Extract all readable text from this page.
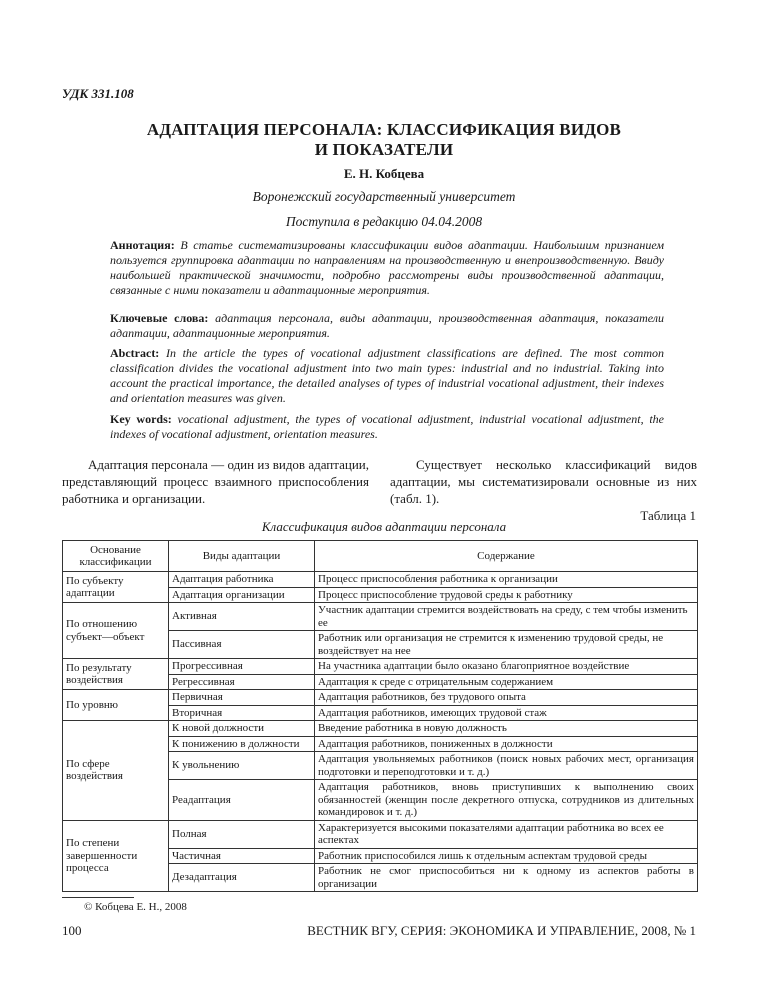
УДК 331.108
АДАПТАЦИЯ ПЕРСОНАЛА: КЛАССИФИКАЦИЯ ВИДОВ
И ПОКАЗАТЕЛИ
Е. Н. Кобцева
Воронежский государственный университет
Поступила в редакцию 04.04.2008
Аннотация: В статье систематизированы классификации видов адаптации. Наибольшим признанием пользуется группировка адаптации по направлениям на производственную и внепроизводственную. Ввиду наибольшей практической значимости, подробно рассмотрены виды производственной адаптации, связанные с ними показатели и адаптационные мероприятия.
Ключевые слова: адаптация персонала, виды адаптации, производственная адаптация, показатели адаптации, адаптационные мероприятия.
Abctract: In the article the types of vocational adjustment classifications are defined. The most common classification divides the vocational adjustment into two main types: industrial and no industrial. Taking into account the practical importance, the detailed analyses of types of industrial vocational adjustment, their indexes and orientation measures was given.
Key words: vocational adjustment, the types of vocational adjustment, industrial vocational adjustment, the indexes of vocational adjustment, orientation measures.
Адаптация персонала — один из видов адаптации, представляющий процесс взаимного приспособления работника и организации.
Существует несколько классификаций видов адаптации, мы систематизировали основные из них (табл. 1).
Таблица 1
Классификация видов адаптации персонала
Основание классификации	Виды адаптации	Содержание
По субъекту адаптации	Адаптация работника	Процесс приспособления работника к организации
	Адаптация организации	Процесс приспособление трудовой среды к работнику
По отношению субъект—объект	Активная	Участник адаптации стремится воздействовать на среду, с тем чтобы изменить ее
	Пассивная	Работник или организация не стремится к изменению трудовой среды, не воздействует на нее
По результату воздействия	Прогрессивная	На участника адаптации было оказано благоприятное воздействие
	Регрессивная	Адаптация к среде с отрицательным содержанием
По уровню	Первичная	Адаптация работников, без трудового опыта
	Вторичная	Адаптация работников, имеющих трудовой стаж
По сфере воздействия	К новой должности	Введение работника в новую должность
	К понижению в должности	Адаптация работников, пониженных в должности
	К увольнению	Адаптация увольняемых работников (поиск новых рабочих мест, организация подготовки и переподготовки и т. д.)
	Реадаптация	Адаптация работников, вновь приступивших к выполнению своих обязанностей (женщин после декретного отпуска, сотрудников из длительных командировок и т. д.)
По степени завершенности процесса	Полная	Характеризуется высокими показателями адаптации работника во всех ее аспектах
	Частичная	Работник приспособился лишь к отдельным аспектам трудовой среды
	Дезадаптация	Работник не смог приспособиться ни к одному из аспектов работы в организации
© Кобцева Е. Н., 2008
100	ВЕСТНИК ВГУ, СЕРИЯ: ЭКОНОМИКА И УПРАВЛЕНИЕ, 2008, № 1
